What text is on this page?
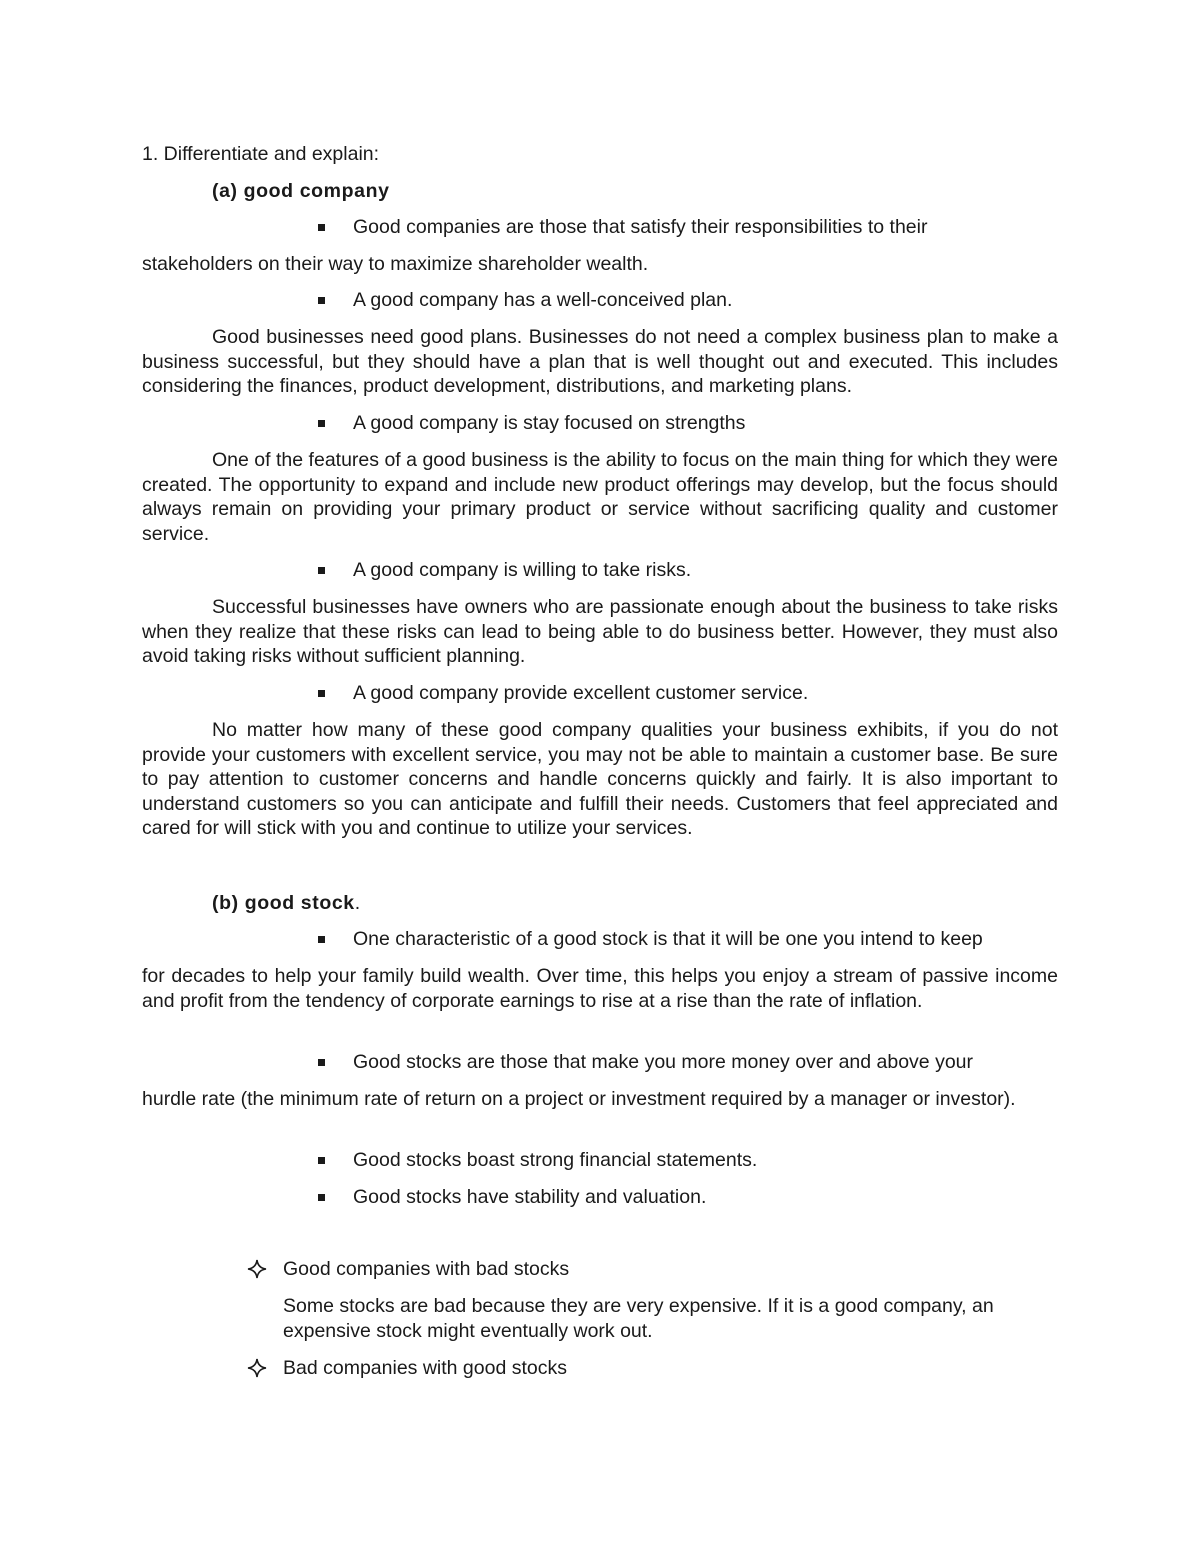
1. Differentiate and explain:
(a) good company
Good companies are those that satisfy their responsibilities to their
stakeholders on their way to maximize shareholder wealth.
A good company has a well-conceived plan.
Good businesses need good plans. Businesses do not need a complex business plan to make a business successful, but they should have a plan that is well thought out and executed. This includes considering the finances, product development, distributions, and marketing plans.
A good company is stay focused on strengths
One of the features of a good business is the ability to focus on the main thing for which they were created. The opportunity to expand and include new product offerings may develop, but the focus should always remain on providing your primary product or service without sacrificing quality and customer service.
A good company is willing to take risks.
Successful businesses have owners who are passionate enough about the business to take risks when they realize that these risks can lead to being able to do business better. However, they must also avoid taking risks without sufficient planning.
A good company provide excellent customer service.
No matter how many of these good company qualities your business exhibits, if you do not provide your customers with excellent service, you may not be able to maintain a customer base. Be sure to pay attention to customer concerns and handle concerns quickly and fairly. It is also important to understand customers so you can anticipate and fulfill their needs. Customers that feel appreciated and cared for will stick with you and continue to utilize your services.
(b) good stock.
One characteristic of a good stock is that it will be one you intend to keep
for decades to help your family build wealth. Over time, this helps you enjoy a stream of passive income and profit from the tendency of corporate earnings to rise at a rise than the rate of inflation.
Good stocks are those that make you more money over and above your
hurdle rate (the minimum rate of return on a project or investment required by a manager or investor).
Good stocks boast strong financial statements.
Good stocks have stability and valuation.
Good companies with bad stocks
Some stocks are bad because they are very expensive. If it is a good company, an expensive stock might eventually work out.
Bad companies with good stocks
